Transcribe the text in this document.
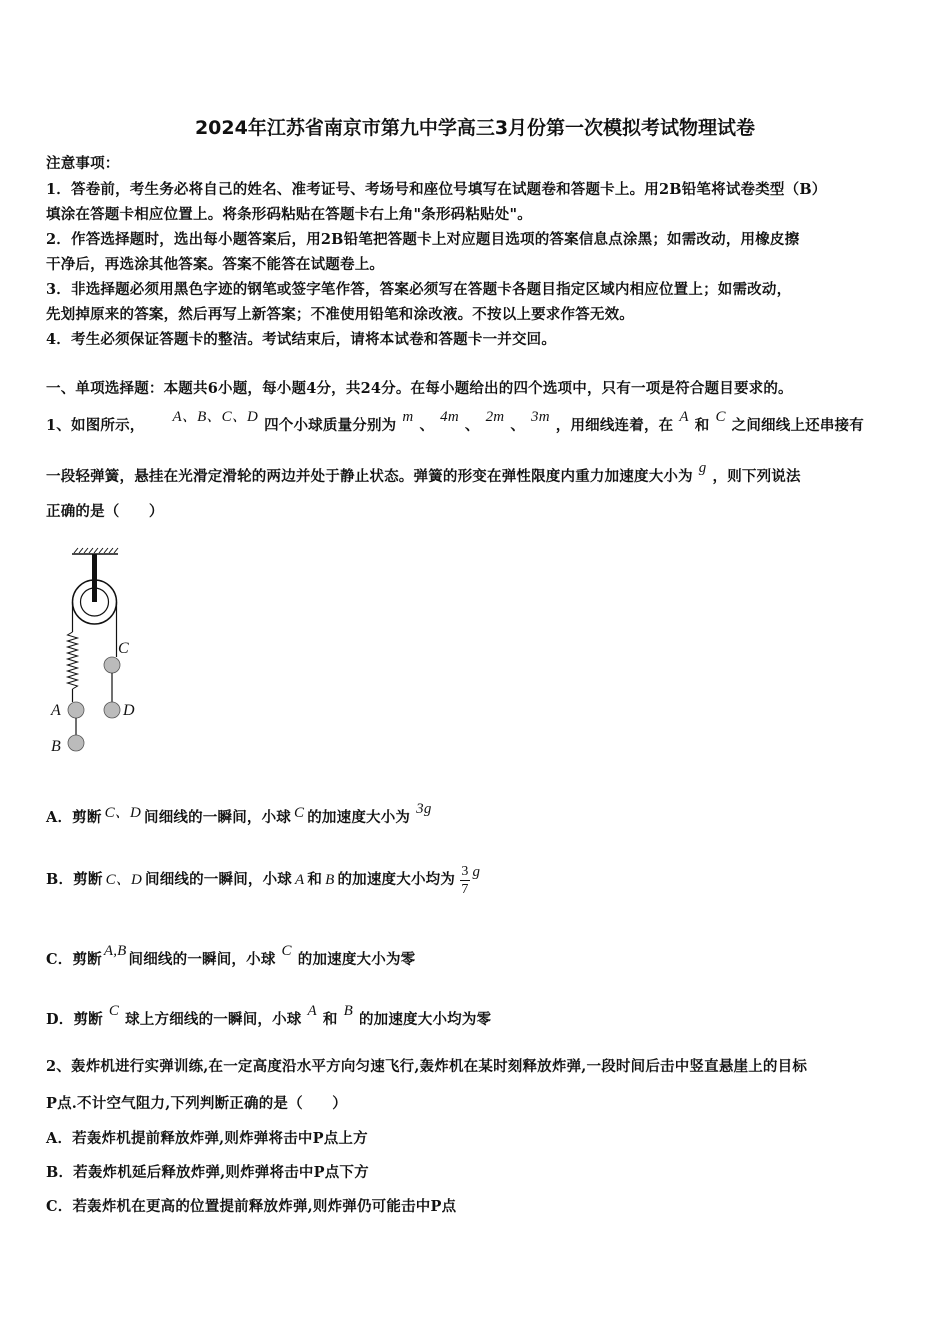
2024年江苏省南京市第九中学高三3月份第一次模拟考试物理试卷
注意事项：
1．答卷前，考生务必将自己的姓名、准考证号、考场号和座位号填写在试题卷和答题卡上。用2B铅笔将试卷类型（B）
填涂在答题卡相应位置上。将条形码粘贴在答题卡右上角"条形码粘贴处"。
2．作答选择题时，选出每小题答案后，用2B铅笔把答题卡上对应题目选项的答案信息点涂黑；如需改动，用橡皮擦
干净后，再选涂其他答案。答案不能答在试题卷上。
3．非选择题必须用黑色字迹的钢笔或签字笔作答，答案必须写在答题卡各题目指定区域内相应位置上；如需改动，
先划掉原来的答案，然后再写上新答案；不准使用铅笔和涂改液。不按以上要求作答无效。
4．考生必须保证答题卡的整洁。考试结束后，请将本试卷和答题卡一并交回。
一、单项选择题：本题共6小题，每小题4分，共24分。在每小题给出的四个选项中，只有一项是符合题目要求的。
1、如图所示， A、B、C、D 四个小球质量分别为 m 、 4m 、 2m 、 3m ，用细线连着，在 A 和 C 之间细线上还串接有
一段轻弹簧，悬挂在光滑定滑轮的两边并处于静止状态。弹簧的形变在弹性限度内重力加速度大小为 g ，则下列说法
正确的是（　　）
C
D
A
B
A．剪断 C、D 间细线的一瞬间，小球 C 的加速度大小为 3g
B．剪断 C、D 间细线的一瞬间，小球 A 和 B 的加速度大小均为 $\frac{3}{7}$ g
C．剪断 A,B 间细线的一瞬间，小球 C 的加速度大小为零
D．剪断 C 球上方细线的一瞬间，小球 A 和 B 的加速度大小均为零
2、轰炸机进行实弹训练,在一定高度沿水平方向匀速飞行,轰炸机在某时刻释放炸弹,一段时间后击中竖直悬崖上的目标
P点.不计空气阻力,下列判断正确的是（　　）
A．若轰炸机提前释放炸弹,则炸弹将击中P点上方
B．若轰炸机延后释放炸弹,则炸弹将击中P点下方
C．若轰炸机在更高的位置提前释放炸弹,则炸弹仍可能击中P点
